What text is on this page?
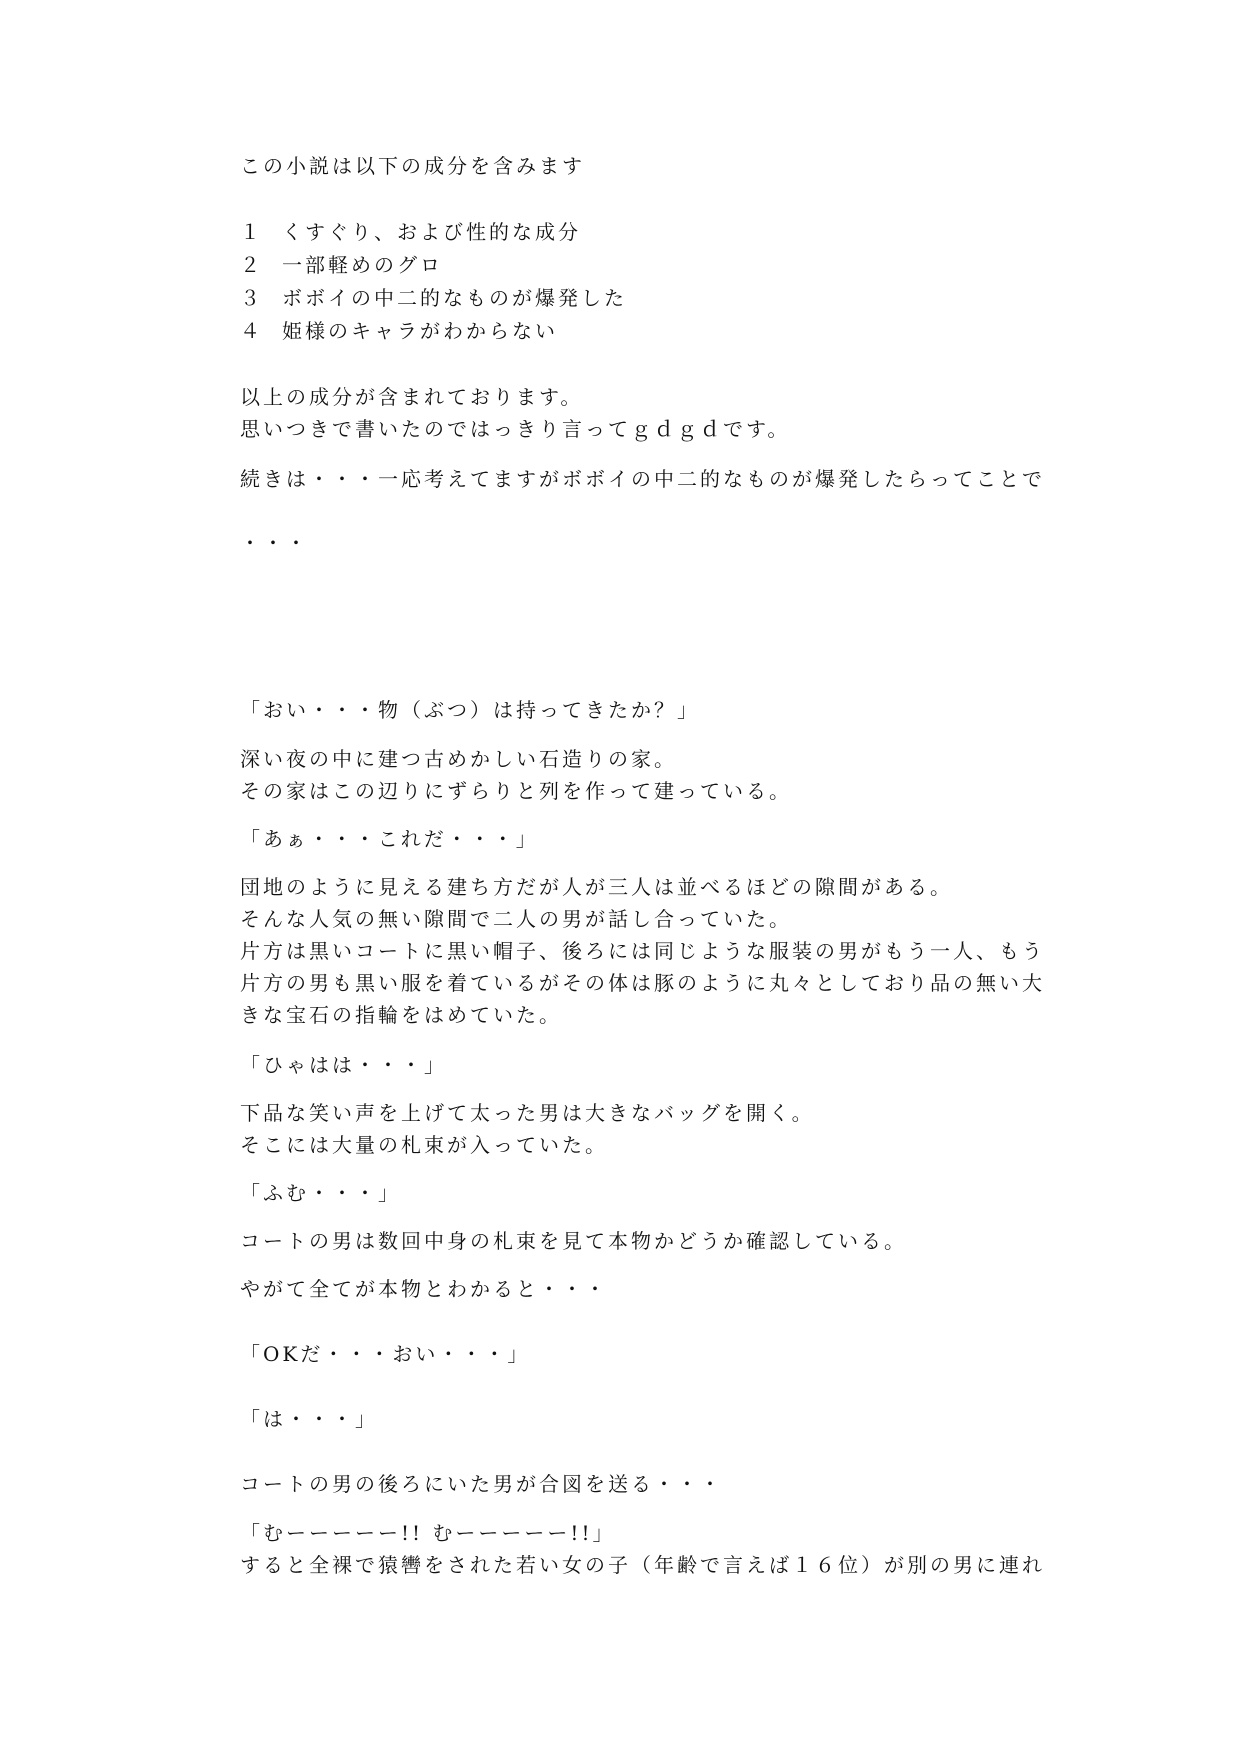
この小説は以下の成分を含みます
１ くすぐり、および性的な成分
２ 一部軽めのグロ
３ ボボイの中二的なものが爆発した
４ 姫様のキャラがわからない
以上の成分が含まれております。
思いつきで書いたのではっきり言ってｇｄｇｄです。
続きは・・・一応考えてますがボボイの中二的なものが爆発したらってことで
・・・
「おい・・・物（ぶつ）は持ってきたか？」
深い夜の中に建つ古めかしい石造りの家。
その家はこの辺りにずらりと列を作って建っている。
「あぁ・・・これだ・・・」
団地のように見える建ち方だが人が三人は並べるほどの隙間がある。
そんな人気の無い隙間で二人の男が話し合っていた。
片方は黒いコートに黒い帽子、後ろには同じような服装の男がもう一人、もう
片方の男も黒い服を着ているがその体は豚のように丸々としており品の無い大
きな宝石の指輪をはめていた。
「ひゃはは・・・」
下品な笑い声を上げて太った男は大きなバッグを開く。
そこには大量の札束が入っていた。
「ふむ・・・」
コートの男は数回中身の札束を見て本物かどうか確認している。
やがて全てが本物とわかると・・・
「OKだ・・・おい・・・」
「は・・・」
コートの男の後ろにいた男が合図を送る・・・
「むーーーーー!! むーーーーー!!」
すると全裸で猿轡をされた若い女の子（年齢で言えば１６位）が別の男に連れ
